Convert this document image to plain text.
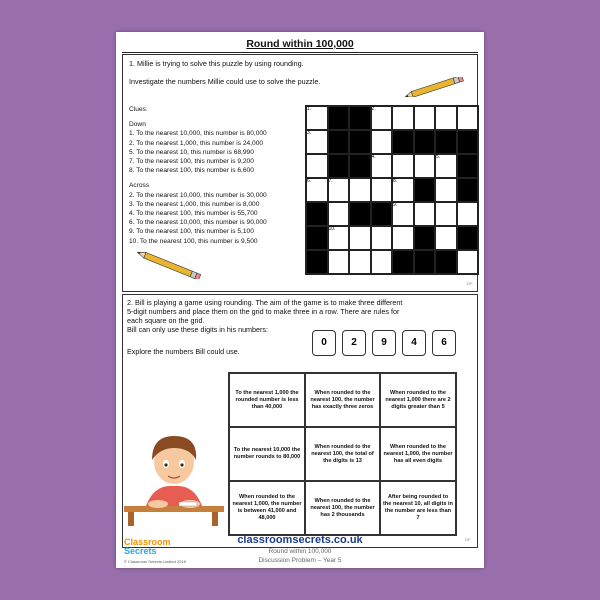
Round within 100,000
1. Millie is trying to solve this puzzle by using rounding.
Investigate the numbers Millie could use to solve the puzzle.
Clues:
Down
1. To the nearest 10,000, this number is 80,000
2. To the nearest 1,000, this number is 24,000
5. To the nearest 10, this number is 68,990
7. To the nearest 100, this number is 9,200
8. To the nearest 100, this number is 6,600
Across
2. To the nearest 10,000, this number is 30,000
3. To the nearest 1,000, this number is 8,000
4. To the nearest 100, this number is 55,700
6. To the nearest 10,000, this number is 90,000
9. To the nearest 100, this number is 5,100
10. To the nearest 100, this number is 9,500
1.	2.
3.
4.	5.
6.	7.	8.
9.
10.
DP
2. Bill is playing a game using rounding. The aim of the game is to make three different
5-digit numbers and place them on the grid to make three in a row. There are rules for
each square on the grid.
Bill can only use these digits in his numbers:
Explore the numbers Bill could use.
DP
0	2	9	4	6
To the nearest 1,000 the rounded number is less than 40,000
When rounded to the nearest 100, the number has exactly three zeros
When rounded to the nearest 1,000 there are 2 digits greater than 5
To the nearest 10,000 the number rounds to 80,000
When rounded to the nearest 100, the total of the digits is 13
When rounded to the nearest 1,000, the number has all even digits
When rounded to the nearest 1,000, the number is between 41,000 and 48,000
When rounded to the nearest 100, the number has 2 thousands
After being rounded to the nearest 10, all digits in the number are less than 7
Classroom
Secrets
© Classroom Secrets Limited 2018
classroomsecrets.co.uk
Round within 100,000
Discussion Problem – Year 5
